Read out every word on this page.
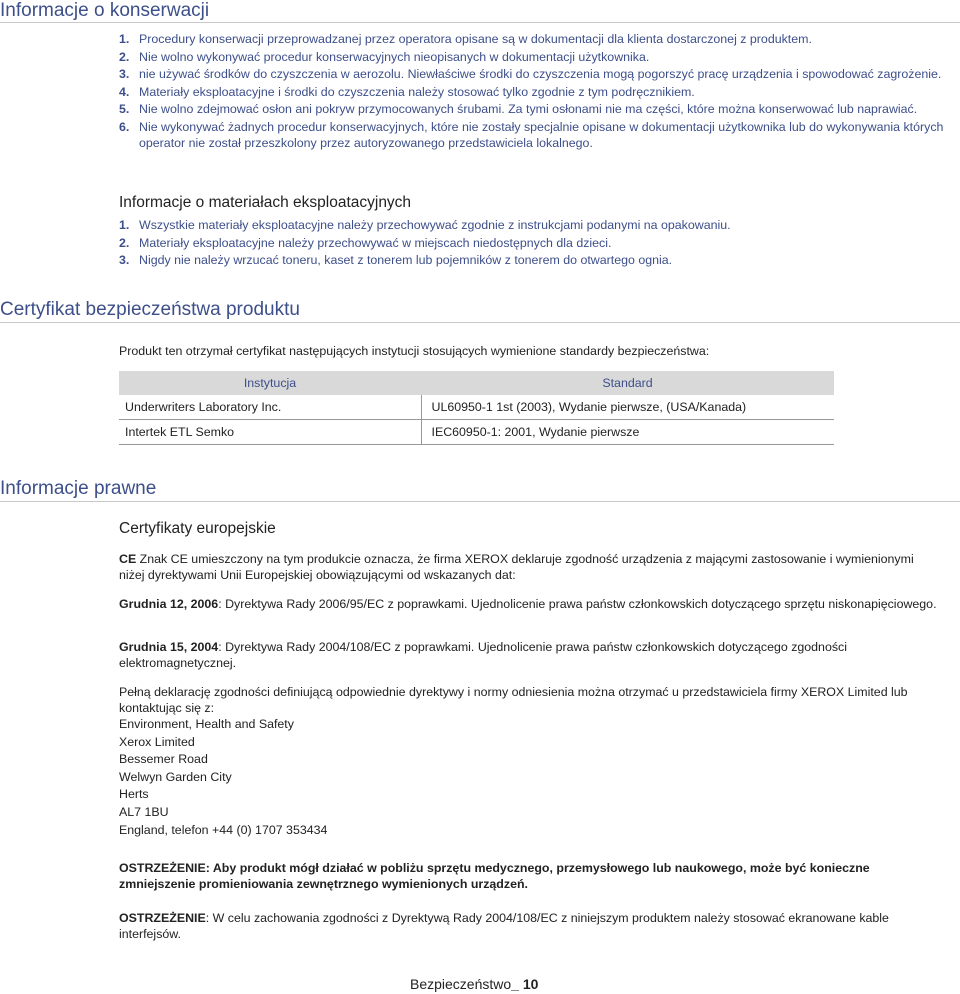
Informacje o konserwacji
1. Procedury konserwacji przeprowadzanej przez operatora opisane są w dokumentacji dla klienta dostarczonej z produktem.
2. Nie wolno wykonywać procedur konserwacyjnych nieopisanych w dokumentacji użytkownika.
3. nie używać środków do czyszczenia w aerozolu. Niewłaściwe środki do czyszczenia mogą pogorszyć pracę urządzenia i spowodować zagrożenie.
4. Materiały eksploatacyjne i środki do czyszczenia należy stosować tylko zgodnie z tym podręcznikiem.
5. Nie wolno zdejmować osłon ani pokryw przymocowanych śrubami. Za tymi osłonami nie ma części, które można konserwować lub naprawiać.
6. Nie wykonywać żadnych procedur konserwacyjnych, które nie zostały specjalnie opisane w dokumentacji użytkownika lub do wykonywania których operator nie został przeszkolony przez autoryzowanego przedstawiciela lokalnego.
Informacje o materiałach eksploatacyjnych
1. Wszystkie materiały eksploatacyjne należy przechowywać zgodnie z instrukcjami podanymi na opakowaniu.
2. Materiały eksploatacyjne należy przechowywać w miejscach niedostępnych dla dzieci.
3. Nigdy nie należy wrzucać toneru, kaset z tonerem lub pojemników z tonerem do otwartego ognia.
Certyfikat bezpieczeństwa produktu
Produkt ten otrzymał certyfikat następujących instytucji stosujących wymienione standardy bezpieczeństwa:
Instytucja	Standard
Underwriters Laboratory Inc.	UL60950-1 1st (2003), Wydanie pierwsze, (USA/Kanada)
Intertek ETL Semko	IEC60950-1: 2001, Wydanie pierwsze
Informacje prawne
Certyfikaty europejskie
CE Znak CE umieszczony na tym produkcie oznacza, że firma XEROX deklaruje zgodność urządzenia z mającymi zastosowanie i wymienionymi niżej dyrektywami Unii Europejskiej obowiązującymi od wskazanych dat:
Grudnia 12, 2006: Dyrektywa Rady 2006/95/EC z poprawkami. Ujednolicenie prawa państw członkowskich dotyczącego sprzętu niskonapięciowego.
Grudnia 15, 2004: Dyrektywa Rady 2004/108/EC z poprawkami. Ujednolicenie prawa państw członkowskich dotyczącego zgodności elektromagnetycznej.
Pełną deklarację zgodności definiującą odpowiednie dyrektywy i normy odniesienia można otrzymać u przedstawiciela firmy XEROX Limited lub kontaktując się z:
Environment, Health and Safety
Xerox Limited
Bessemer Road
Welwyn Garden City
Herts
AL7 1BU
England, telefon +44 (0) 1707 353434
OSTRZEŻENIE: Aby produkt mógł działać w pobliżu sprzętu medycznego, przemysłowego lub naukowego, może być konieczne zmniejszenie promieniowania zewnętrznego wymienionych urządzeń.
OSTRZEŻENIE: W celu zachowania zgodności z Dyrektywą Rady 2004/108/EC z niniejszym produktem należy stosować ekranowane kable interfejsów.
Bezpieczeństwo_ 10
